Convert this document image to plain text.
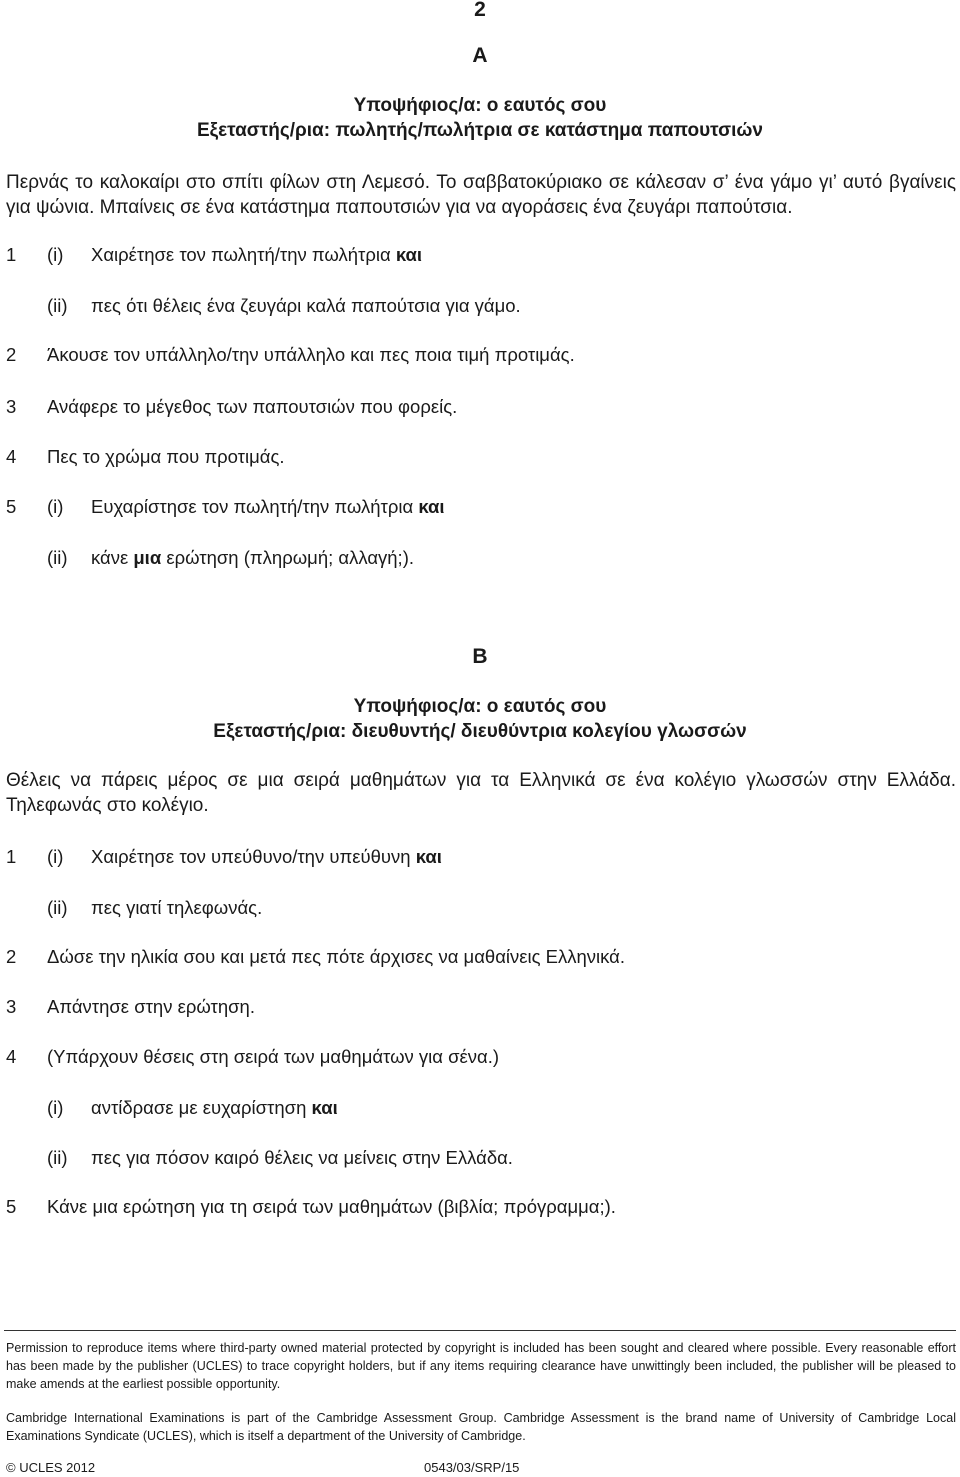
2
A
Υποψήφιος/α: ο εαυτός σου
Εξεταστής/ρια: πωλητής/πωλήτρια σε κατάστημα παπουτσιών
Περνάς το καλοκαίρι στο σπίτι φίλων στη Λεμεσό. Το σαββατοκύριακο σε κάλεσαν σ’ ένα γάμο γι’ αυτό βγαίνεις για ψώνια. Μπαίνεις σε ένα κατάστημα παπουτσιών για να αγοράσεις ένα ζευγάρι παπούτσια.
1 (i) Χαιρέτησε τον πωλητή/την πωλήτρια και
(ii) πες ότι θέλεις ένα ζευγάρι καλά παπούτσια για γάμο.
2 Άκουσε τον υπάλληλο/την υπάλληλο και πες ποια τιμή προτιμάς.
3 Ανάφερε το μέγεθος των παπουτσιών που φορείς.
4 Πες το χρώμα που προτιμάς.
5 (i) Ευχαρίστησε τον πωλητή/την πωλήτρια και
(ii) κάνε μια ερώτηση (πληρωμή; αλλαγή;).
B
Υποψήφιος/α: ο εαυτός σου
Εξεταστής/ρια: διευθυντής/ διευθύντρια κολεγίου γλωσσών
Θέλεις να πάρεις μέρος σε μια σειρά μαθημάτων για τα Ελληνικά σε ένα κολέγιο γλωσσών στην Ελλάδα. Τηλεφωνάς στο κολέγιο.
1 (i) Χαιρέτησε τον υπεύθυνο/την υπεύθυνη και
(ii) πες γιατί τηλεφωνάς.
2 Δώσε την ηλικία σου και μετά πες πότε άρχισες να μαθαίνεις Ελληνικά.
3 Απάντησε στην ερώτηση.
4 (Υπάρχουν θέσεις στη σειρά των μαθημάτων για σένα.)
(i) αντίδρασε με ευχαρίστηση και
(ii) πες για πόσον καιρό θέλεις να μείνεις στην Ελλάδα.
5 Κάνε μια ερώτηση για τη σειρά των μαθημάτων (βιβλία; πρόγραμμα;).
Permission to reproduce items where third-party owned material protected by copyright is included has been sought and cleared where possible. Every reasonable effort has been made by the publisher (UCLES) to trace copyright holders, but if any items requiring clearance have unwittingly been included, the publisher will be pleased to make amends at the earliest possible opportunity.
Cambridge International Examinations is part of the Cambridge Assessment Group. Cambridge Assessment is the brand name of University of Cambridge Local Examinations Syndicate (UCLES), which is itself a department of the University of Cambridge.
© UCLES 2012	0543/03/SRP/15
